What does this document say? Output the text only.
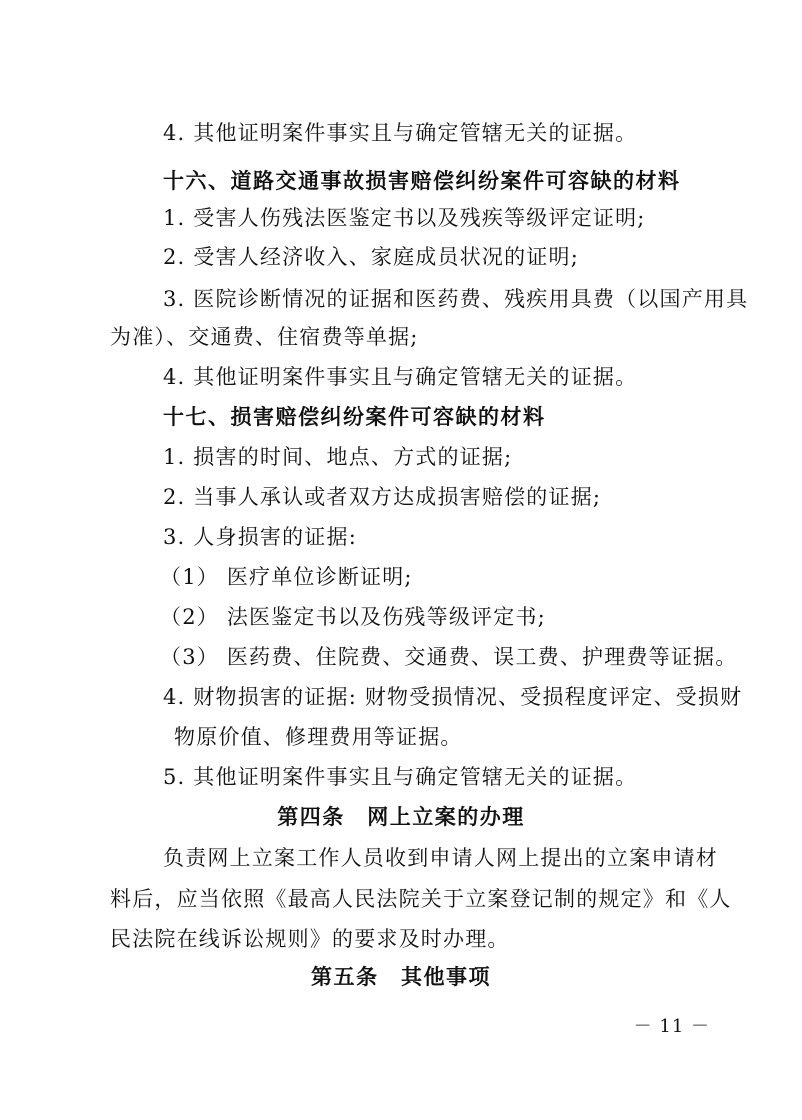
4. 其他证明案件事实且与确定管辖无关的证据。
十六、道路交通事故损害赔偿纠纷案件可容缺的材料
1. 受害人伤残法医鉴定书以及残疾等级评定证明;
2. 受害人经济收入、家庭成员状况的证明;
3. 医院诊断情况的证据和医药费、残疾用具费（以国产用具
为准）、交通费、住宿费等单据;
4. 其他证明案件事实且与确定管辖无关的证据。
十七、损害赔偿纠纷案件可容缺的材料
1. 损害的时间、地点、方式的证据;
2. 当事人承认或者双方达成损害赔偿的证据;
3. 人身损害的证据:
（1） 医疗单位诊断证明;
（2） 法医鉴定书以及伤残等级评定书;
（3） 医药费、住院费、交通费、误工费、护理费等证据。
4. 财物损害的证据: 财物受损情况、受损程度评定、受损财
物原价值、修理费用等证据。
5. 其他证明案件事实且与确定管辖无关的证据。
第四条　网上立案的办理
负责网上立案工作人员收到申请人网上提出的立案申请材
料后，应当依照《最高人民法院关于立案登记制的规定》和《人
民法院在线诉讼规则》的要求及时办理。
第五条　其他事项
－ 11 －
